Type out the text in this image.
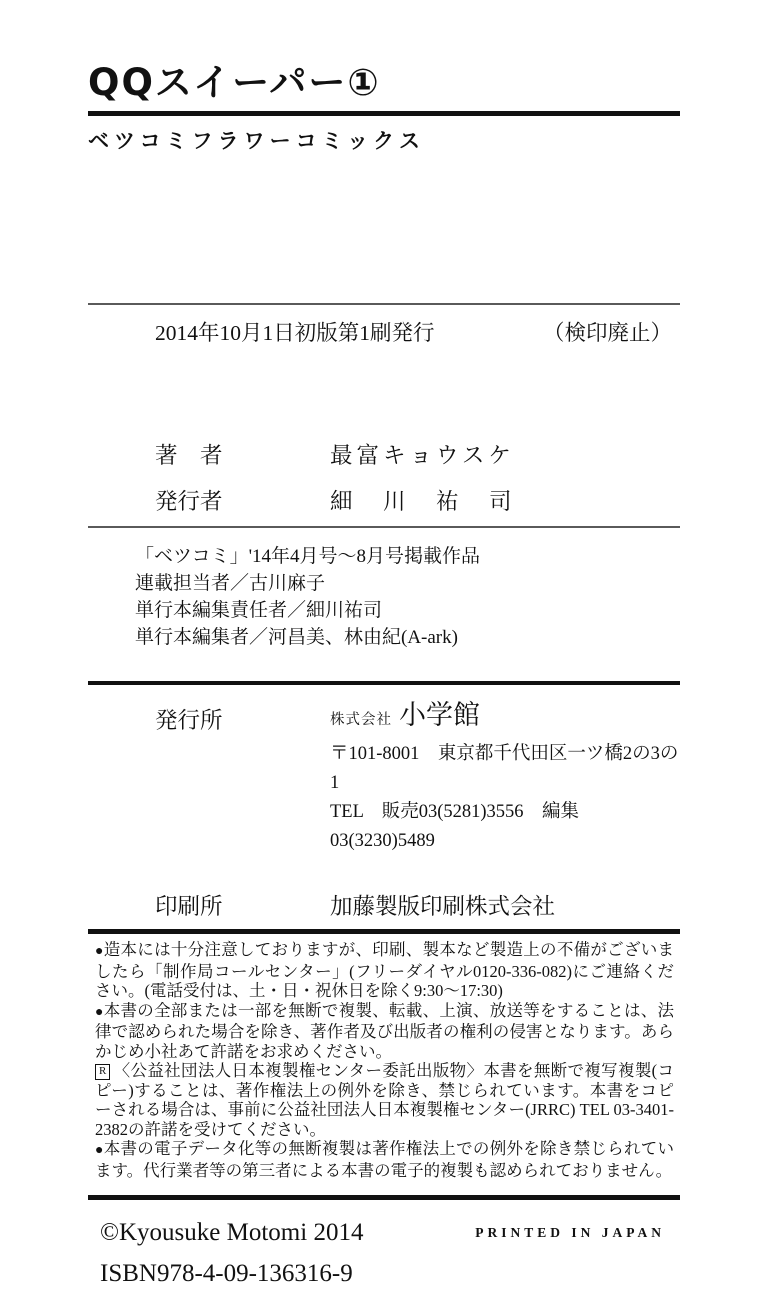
QQスイーパー①
ベツコミフラワーコミックス
2014年10月1日初版第1刷発行	（検印廃止）
著　者	最富キョウスケ
発行者	細　川　祐　司

「ベツコミ」'14年4月号～8月号掲載作品

連載担当者／古川麻子

単行本編集責任者／細川祐司

単行本編集者／河昌美、林由紀(A-ark)

発行所	株式会社 小学館
〒101-8001　東京都千代田区一ツ橋2の3の1
TEL　販売03(5281)3556　編集03(3230)5489
印刷所	加藤製版印刷株式会社

●造本には十分注意しておりますが、印刷、製本など製造上の不備がございましたら「制作局コールセンター」(フリーダイヤル0120-336-082)にご連絡ください。(電話受付は、土・日・祝休日を除く9:30～17:30)

●本書の全部または一部を無断で複製、転載、上演、放送等をすることは、法律で認められた場合を除き、著作者及び出版者の権利の侵害となります。あらかじめ小社あて許諾をお求めください。

R 〈公益社団法人日本複製権センター委託出版物〉本書を無断で複写複製(コピー)することは、著作権法上の例外を除き、禁じられています。本書をコピーされる場合は、事前に公益社団法人日本複製権センター(JRRC) TEL 03-3401-2382の許諾を受けてください。

●本書の電子データ化等の無断複製は著作権法上での例外を除き禁じられています。代行業者等の第三者による本書の電子的複製も認められておりません。

©Kyousuke Motomi 2014	PRINTED IN JAPAN
ISBN978-4-09-136316-9
